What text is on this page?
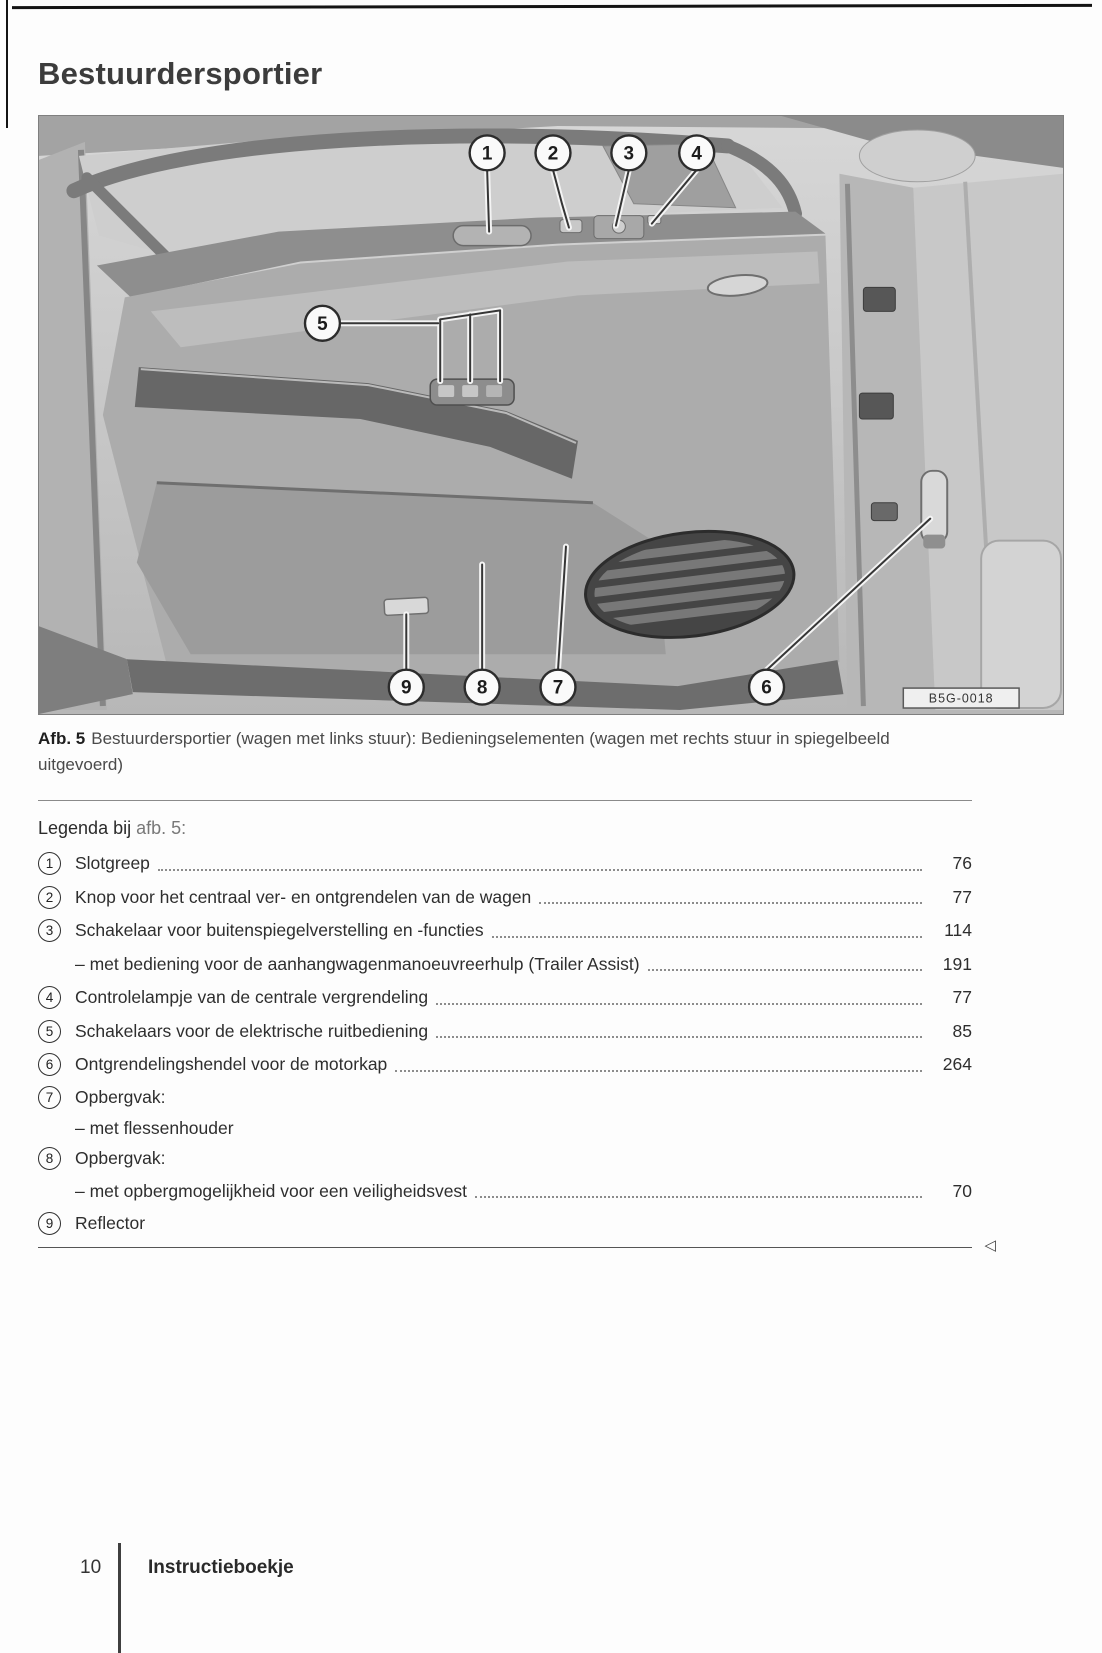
Bestuurdersportier
1	2	3	4
5
9	8	7	6	B5G-0018

Afb. 5 Bestuurdersportier (wagen met links stuur): Bedieningselementen (wagen met rechts stuur in spiegelbeeld uitgevoerd)

Legenda bij afb. 5:
1	Slotgreep	76
2	Knop voor het centraal ver- en ontgrendelen van de wagen	77
3	Schakelaar voor buitenspiegelverstelling en -functies	114
– met bediening voor de aanhangwagenmanoeuvreerhulp (Trailer Assist)	191
4	Controlelampje van de centrale vergrendeling	77
5	Schakelaars voor de elektrische ruitbediening	85
6	Ontgrendelingshendel voor de motorkap	264
7	Opbergvak:
– met flessenhouder
8	Opbergvak:
– met opbergmogelijkheid voor een veiligheidsvest	70
9	Reflector
◁
10 Instructieboekje
